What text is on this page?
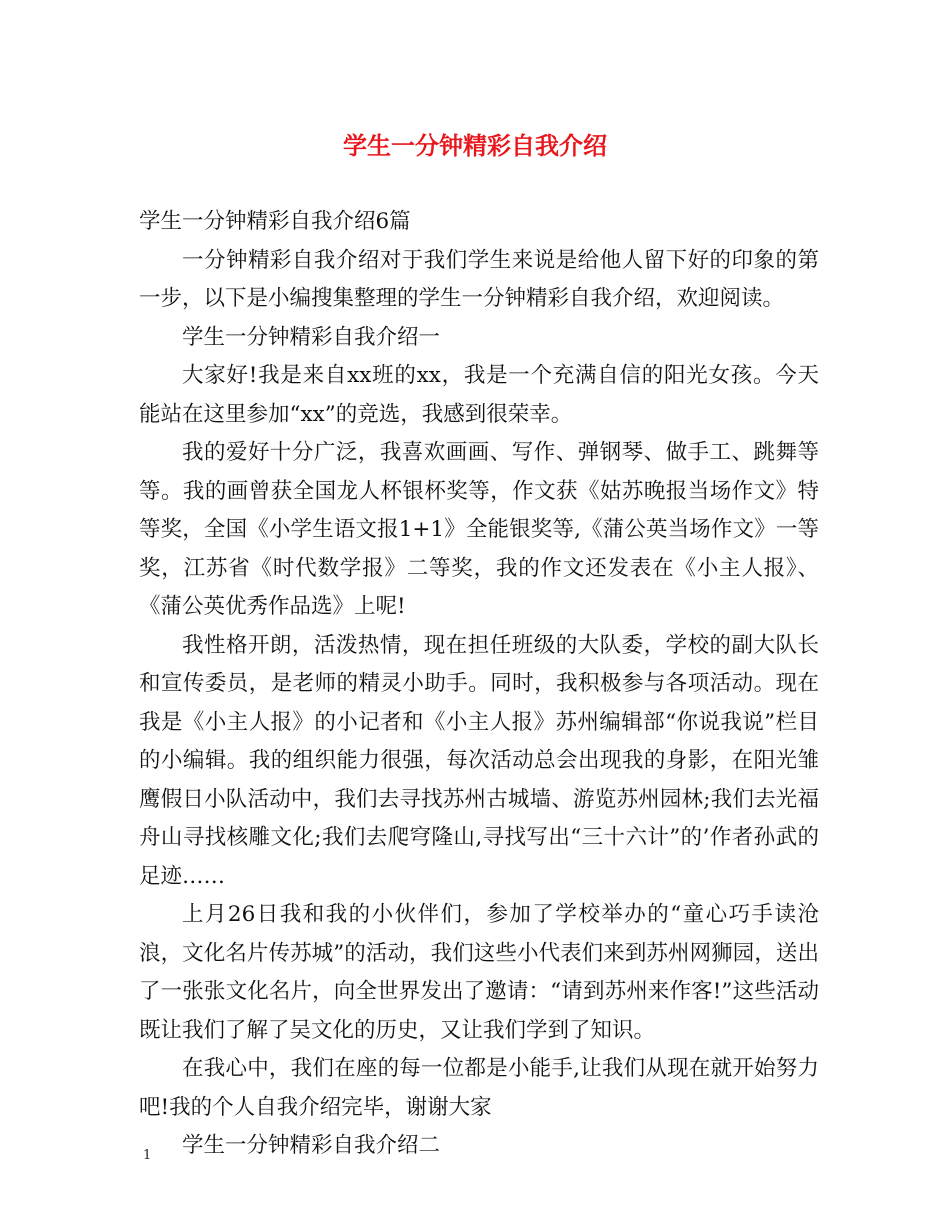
学生一分钟精彩自我介绍

学生一分钟精彩自我介绍6篇

一分钟精彩自我介绍对于我们学生来说是给他人留下好的印象的第一步，以下是小编搜集整理的学生一分钟精彩自我介绍，欢迎阅读。

学生一分钟精彩自我介绍一

大家好!我是来自xx班的xx，我是一个充满自信的阳光女孩。今天能站在这里参加“xx”的竞选，我感到很荣幸。

我的爱好十分广泛，我喜欢画画、写作、弹钢琴、做手工、跳舞等等。我的画曾获全国龙人杯银杯奖等，作文获《姑苏晚报当场作文》特等奖，全国《小学生语文报1+1》全能银奖等,《蒲公英当场作文》一等奖，江苏省《时代数学报》二等奖，我的作文还发表在《小主人报》、《蒲公英优秀作品选》上呢!

我性格开朗，活泼热情，现在担任班级的大队委，学校的副大队长和宣传委员，是老师的精灵小助手。同时，我积极参与各项活动。现在我是《小主人报》的小记者和《小主人报》苏州编辑部“你说我说”栏目的小编辑。我的组织能力很强，每次活动总会出现我的身影，在阳光雏鹰假日小队活动中，我们去寻找苏州古城墙、游览苏州园林;我们去光福舟山寻找核雕文化;我们去爬穹隆山,寻找写出“三十六计”的’作者孙武的足迹……

上月26日我和我的小伙伴们，参加了学校举办的“童心巧手读沧浪，文化名片传苏城”的活动，我们这些小代表们来到苏州网狮园，送出了一张张文化名片，向全世界发出了邀请：“请到苏州来作客!”这些活动既让我们了解了吴文化的历史，又让我们学到了知识。

在我心中，我们在座的每一位都是小能手,让我们从现在就开始努力吧!我的个人自我介绍完毕，谢谢大家

学生一分钟精彩自我介绍二

1
